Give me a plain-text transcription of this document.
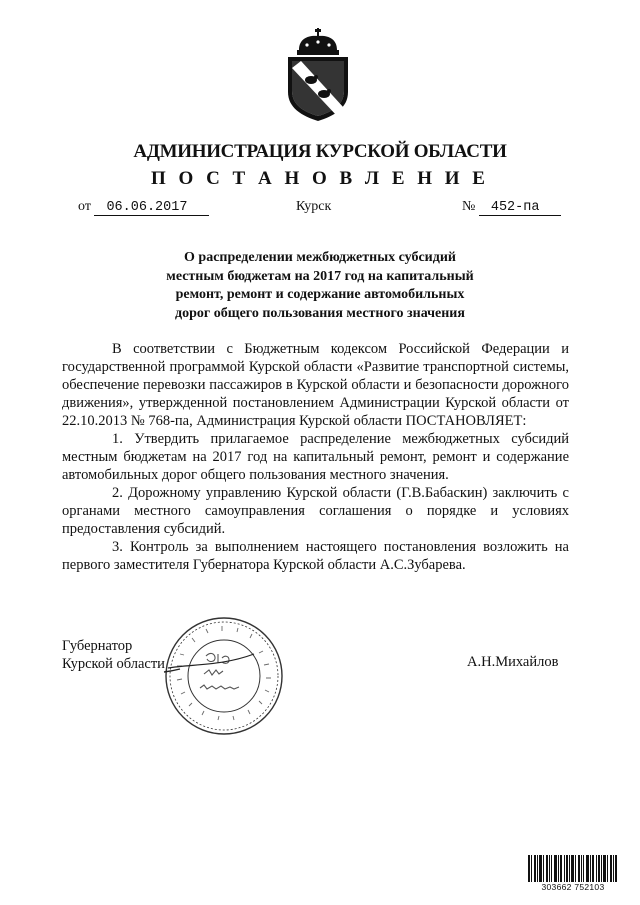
АДМИНИСТРАЦИЯ КУРСКОЙ ОБЛАСТИ
П О С Т А Н О В Л Е Н И Е
от 06.06.2017	Курск	№ 452-па
О распределении межбюджетных субсидий
местным бюджетам на 2017 год на капитальный
ремонт, ремонт и содержание автомобильных
дорог общего пользования местного значения

В соответствии с Бюджетным кодексом Российской Федерации и государственной программой Курской области «Развитие транспортной системы, обеспечение перевозки пассажиров в Курской области и безопасности дорожного движения», утвержденной постановлением Администрации Курской области от 22.10.2013 № 768-па, Администрация Курской области ПОСТАНОВЛЯЕТ:

1. Утвердить прилагаемое распределение межбюджетных субсидий местным бюджетам на 2017 год на капитальный ремонт, ремонт и содержание автомобильных дорог общего пользования местного значения.

2. Дорожному управлению Курской области (Г.В.Бабаскин) заключить с органами местного самоуправления соглашения о порядке и условиях предоставления субсидий.

3. Контроль за выполнением настоящего постановления возложить на первого заместителя Губернатора Курской области А.С.Зубарева.

Губернатор
Курской области	А.Н.Михайлов
303662 752103
